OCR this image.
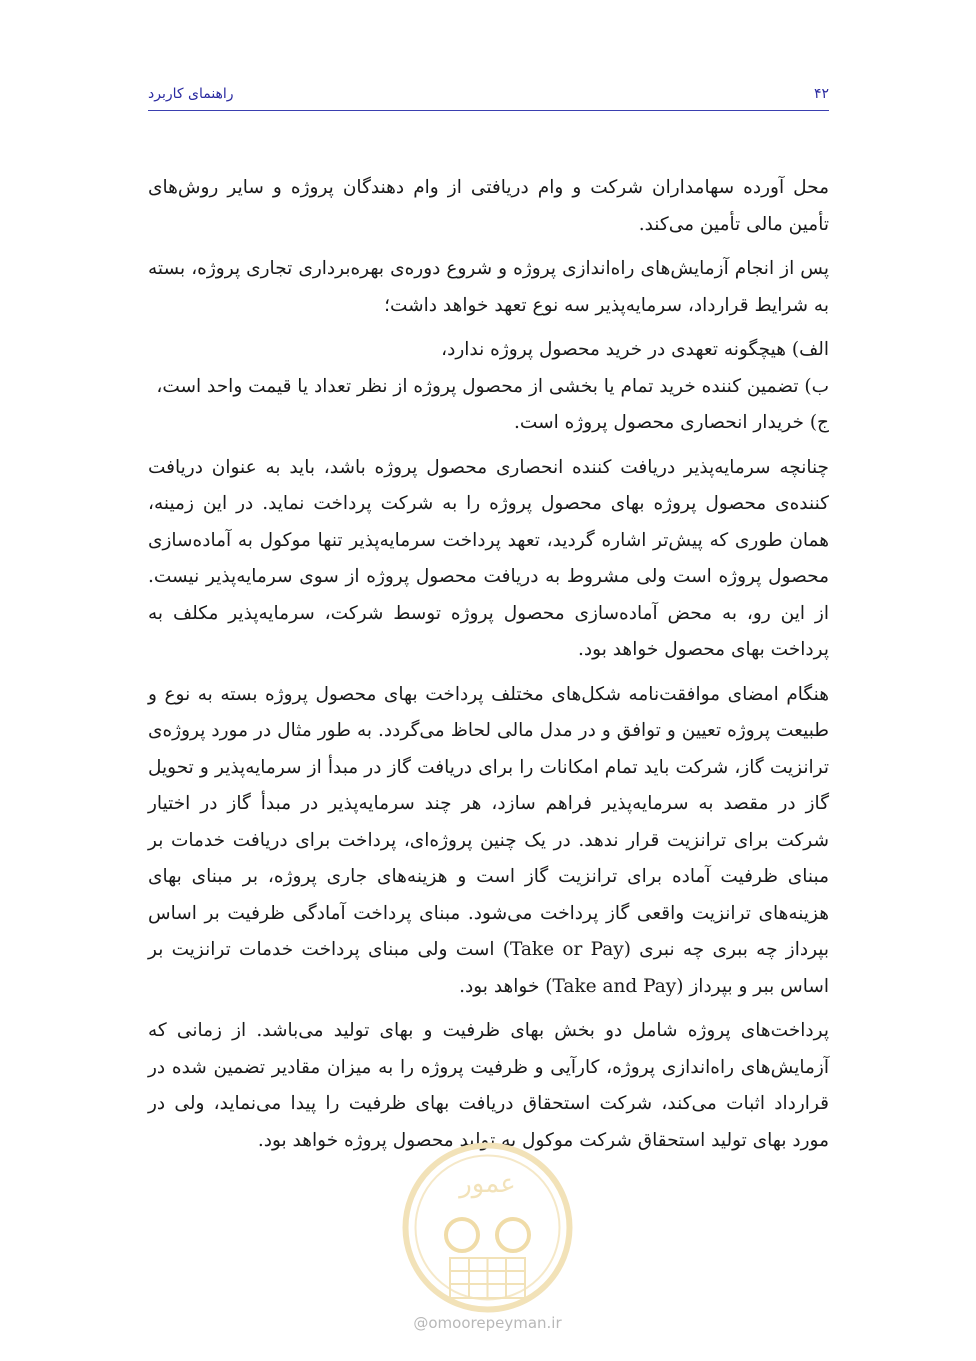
۴۲
راهنمای کاربرد

محل آورده سهامداران شرکت و وام دریافتی از وام دهندگان پروژه و سایر روش‌های تأمین مالی تأمین می‌کند.

پس از انجام آزمایش‌های راه‌اندازی پروژه و شروع دوره‌ی بهره‌برداری تجاری پروژه، بسته به شرایط قرارداد، سرمایه‌پذیر سه نوع تعهد خواهد داشت؛

الف) هیچگونه تعهدی در خرید محصول پروژه ندارد،
ب) تضمین کننده خرید تمام یا بخشی از محصول پروژه از نظر تعداد یا قیمت واحد است،
ج) خریدار انحصاری محصول پروژه است.

چنانچه سرمایه‌پذیر دریافت کننده انحصاری محصول پروژه باشد، باید به عنوان دریافت کننده‌ی محصول پروژه بهای محصول پروژه را به شرکت پرداخت نماید. در این زمینه، همان طوری که پیش‌تر اشاره گردید، تعهد پرداخت سرمایه‌پذیر تنها موکول به آماده‌سازی محصول پروژه است ولی مشروط به دریافت محصول پروژه از سوی سرمایه‌پذیر نیست. از این رو، به محض آماده‌سازی محصول پروژه توسط شرکت، سرمایه‌پذیر مکلف به پرداخت بهای محصول خواهد بود.

هنگام امضای موافقت‌نامه شکل‌های مختلف پرداخت بهای محصول پروژه بسته به نوع و طبیعت پروژه تعیین و توافق و در مدل مالی لحاظ می‌گردد. به طور مثال در مورد پروژه‌ی ترانزیت گاز، شرکت باید تمام امکانات را برای دریافت گاز در مبدأ از سرمایه‌پذیر و تحویل گاز در مقصد به سرمایه‌پذیر فراهم سازد، هر چند سرمایه‌پذیر در مبدأ گاز در اختیار شرکت برای ترانزیت قرار ندهد. در یک چنین پروژه‌ای، پرداخت برای دریافت خدمات بر مبنای ظرفیت آماده برای ترانزیت گاز است و هزینه‌های جاری پروژه، بر مبنای بهای هزینه‌های ترانزیت واقعی گاز پرداخت می‌شود. مبنای پرداخت آمادگی ظرفیت بر اساس بپرداز چه ببری چه نبری (Take or Pay) است ولی مبنای پرداخت خدمات ترانزیت بر اساس ببر و بپرداز (Take and Pay) خواهد بود.

پرداخت‌های پروژه شامل دو بخش بهای ظرفیت و بهای تولید می‌باشد. از زمانی که آزمایش‌های راه‌اندازی پروژه، کارآیی و ظرفیت پروژه را به میزان مقادیر تضمین شده در قرارداد اثبات می‌کند، شرکت استحقاق دریافت بهای ظرفیت را پیدا می‌نماید، ولی در مورد بهای تولید استحقاق شرکت موکول به تولید محصول پروژه خواهد بود.

عمور
@omoorepeyman.ir
